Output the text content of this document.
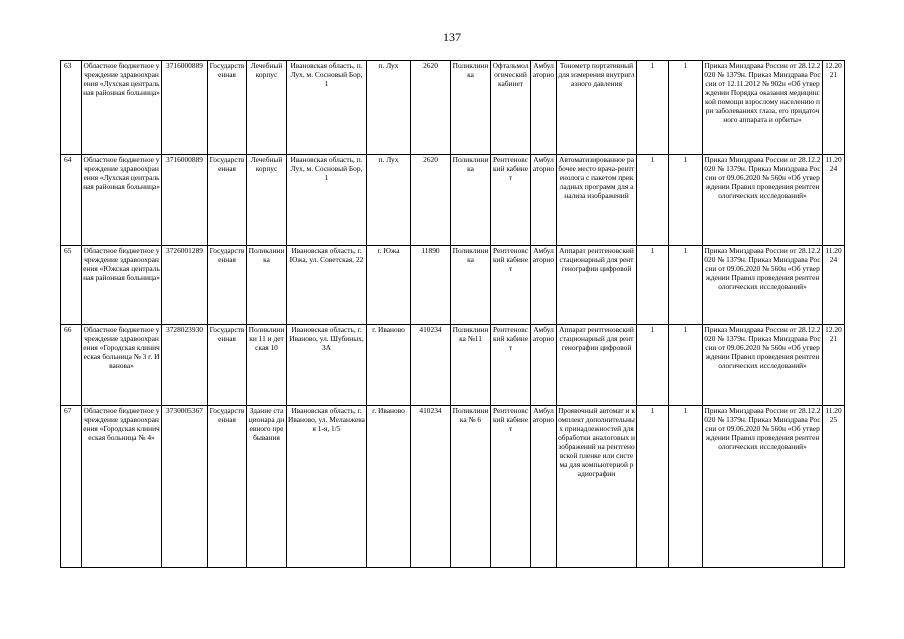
137
63	Областное бюджетное учреждение здравоохранения «Лухская центральная районная больница»	3716000889	Государственная	Лечебный корпус	Ивановская область, п. Лух, м. Сосновый Бор, 1	п. Лух	2620	Поликлиника	Офтальмологический кабинет	Амбулаторно	Тонометр портативный для измерения внутриглазного давления	1	1	Приказ Минздрава России от 28.12.2020 № 1379н. Приказ Минздрава России от 12.11.2012 № 902н «Об утверждении Порядка оказания медицинской помощи взрослому населению при заболеваниях глаза, его придаточного аппарата и орбиты»	12.2021
64	Областное бюджетное учреждение здравоохранения «Лухская центральная районная больница»	3716000889	Государственная	Лечебный корпус	Ивановская область, п. Лух, м. Сосновый Бор, 1	п. Лух	2620	Поликлиника	Рентгеновский кабинет	Амбулаторно	Автоматизированное рабочее место врача-рентгенолога с пакетом прикладных программ для анализа изображений	1	1	Приказ Минздрава России от 28.12.2020 № 1379н. Приказ Минздрава России от 09.06.2020 № 560н «Об утверждении Правил проведения рентгенологических исследований»	11.2024
65	Областное бюджетное учреждение здравоохранения «Южская центральная районная больница»	3726001289	Государственная	Поликлиника	Ивановская область, г. Южа, ул. Советская, 22	г. Южа	11890	Поликлиника	Рентгеновский кабинет	Амбулаторно	Аппарат рентгеновский стационарный для рентгенографии цифровой	1	1	Приказ Минздрава России от 28.12.2020 № 1379н. Приказ Минздрава России от 09.06.2020 № 560н «Об утверждении Правил проведения рентгенологических исследований»	11.2024
66	Областное бюджетное учреждение здравоохранения «Городская клиническая больница № 3 г. Иванова»	3728023930	Государственная	Поликлиники 11 и детская 10	Ивановская область, г. Иваново, ул. Шубиных, 3А	г. Иваново	410234	Поликлиника №11	Рентгеновский кабинет	Амбулаторно	Аппарат рентгеновский стационарный для рентгенографии цифровой	1	1	Приказ Минздрава России от 28.12.2020 № 1379н. Приказ Минздрава России от 09.06.2020 № 560н «Об утверждении Правил проведения рентгенологических исследований»	12.2021
67	Областное бюджетное учреждение здравоохранения «Городская клиническая больница № 4»	3730005367	Государственная	Здание стационара дневного пребывания	Ивановская область, г. Иваново, ул. Меланжевая 1-я, 1/5	г. Иваново	410234	Поликлиника № 6	Рентгеновский кабинет	Амбулаторно	Проявочный автомат и комплект дополнительных принадлежностей для обработки аналоговых изображений на рентгеновской пленке или система для компьютерной радиографии	1	1	Приказ Минздрава России от 28.12.2020 № 1379н. Приказ Минздрава России от 09.06.2020 № 560н «Об утверждении Правил проведения рентгенологических исследований»	11.2025
